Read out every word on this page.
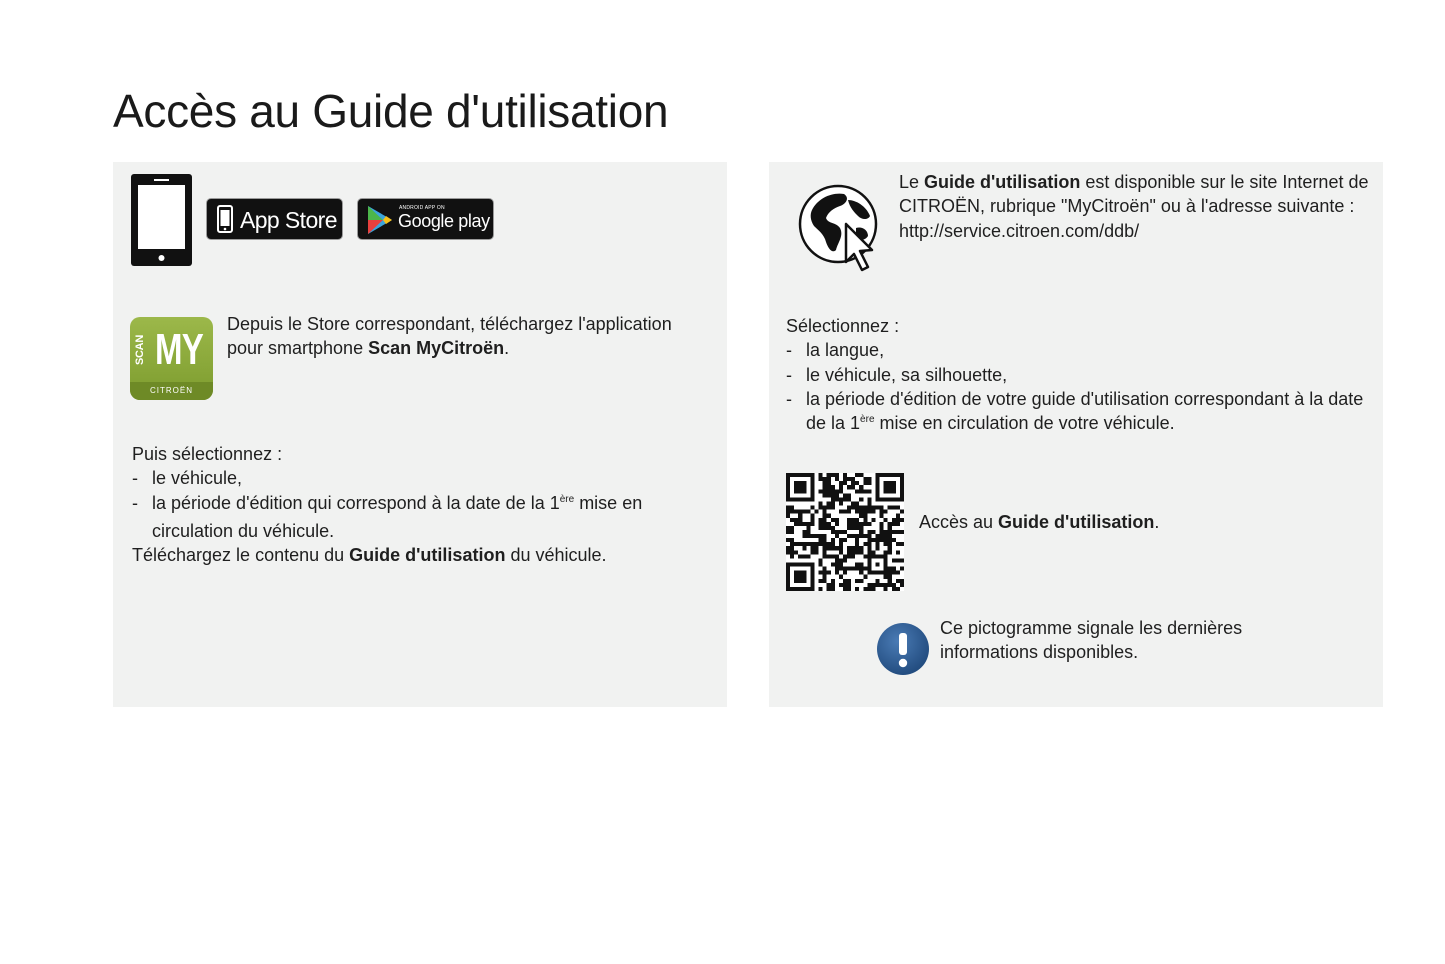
Accès au Guide d'utilisation
App Store	ANDROID APP ON
Google play
SCAN MY
CITROËN
Depuis le Store correspondant, téléchargez l'application pour smartphone Scan MyCitroën.
Puis sélectionnez :
- le véhicule,
- la période d'édition qui correspond à la date de la 1ère mise en circulation du véhicule.
Téléchargez le contenu du Guide d'utilisation du véhicule.
Le Guide d'utilisation est disponible sur le site Internet de CITROËN, rubrique "MyCitroën" ou à l'adresse suivante :
http://service.citroen.com/ddb/
Sélectionnez :
- la langue,
- le véhicule, sa silhouette,
- la période d'édition de votre guide d'utilisation correspondant à la date de la 1ère mise en circulation de votre véhicule.
Accès au Guide d'utilisation.
Ce pictogramme signale les dernières informations disponibles.
